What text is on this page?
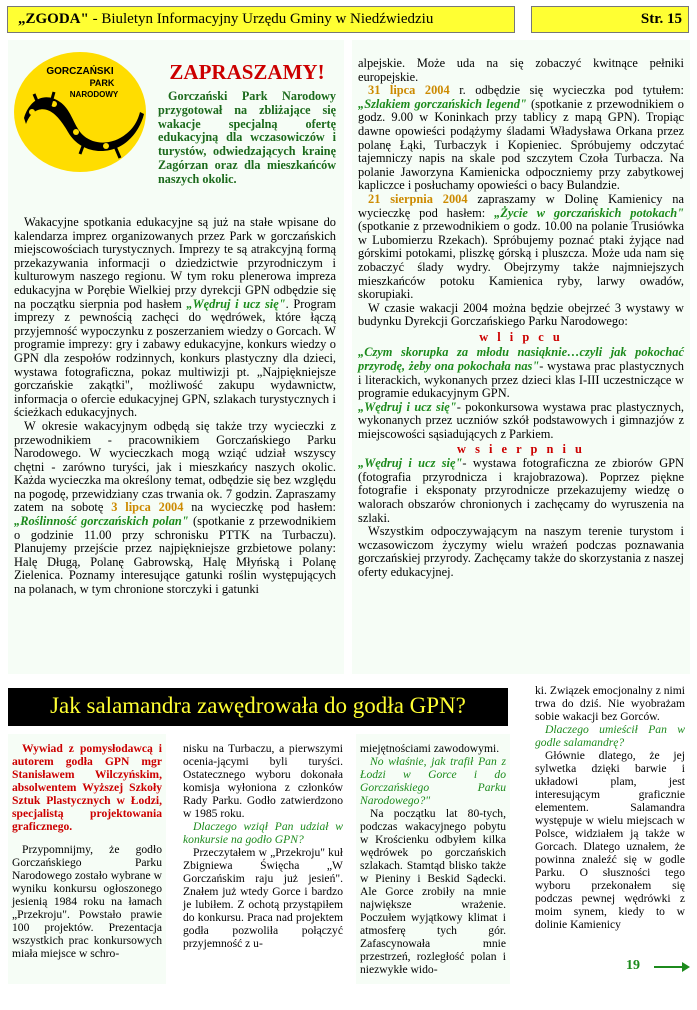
„ZGODA" - Biuletyn Informacyjny Urzędu Gminy w Niedźwiedziu	Str. 15
GORCZAŃSKI
PARK
NARODOWY
ZAPRASZAMY!
Gorczański Park Narodowy przygotował na zbliżające się wakacje specjalną ofertę edukacyjną dla wczasowiczów i turystów, odwiedzających krainę Zagórzan oraz dla mieszkańców naszych okolic.

Wakacyjne spotkania edukacyjne są już na stałe wpisane do kalendarza imprez organizowanych przez Park w gorczańskich miejscowościach turystycznych. Imprezy te są atrakcyjną formą przekazywania informacji o dziedzictwie przyrodniczym i kulturowym naszego regionu. W tym roku plenerowa impreza edukacyjna w Porębie Wielkiej przy dyrekcji GPN odbędzie się na początku sierpnia pod hasłem „Wędruj i ucz się". Program imprezy z pewnością zachęci do wędrówek, które łączą przyjemność wypoczynku z poszerzaniem wiedzy o Gorcach. W programie imprezy: gry i zabawy edukacyjne, konkurs wiedzy o GPN dla zespołów rodzinnych, konkurs plastyczny dla dzieci, wystawa fotograficzna, pokaz multiwizji pt. „Najpiękniejsze gorczańskie zakątki", możliwość zakupu wydawnictw, informacja o ofercie edukacyjnej GPN, szlakach turystycznych i ścieżkach edukacyjnych.

W okresie wakacyjnym odbędą się także trzy wycieczki z przewodnikiem - pracownikiem Gorczańskiego Parku Narodowego. W wycieczkach mogą wziąć udział wszyscy chętni - zarówno turyści, jak i mieszkańcy naszych okolic. Każda wycieczka ma określony temat, odbędzie się bez względu na pogodę, przewidziany czas trwania ok. 7 godzin. Zapraszamy zatem na sobotę 3 lipca 2004 na wycieczkę pod hasłem: „Roślinność gorczańskich polan" (spotkanie z przewodnikiem o godzinie 11.00 przy schronisku PTTK na Turbaczu). Planujemy przejście przez najpiękniejsze grzbietowe polany: Halę Długą, Polanę Gabrowską, Halę Młyńską i Polanę Zielenica. Poznamy interesujące gatunki roślin występujących na polanach, w tym chronione storczyki i gatunki

alpejskie. Może uda na się zobaczyć kwitnące pełniki europejskie.

31 lipca 2004 r. odbędzie się wycieczka pod tytułem: „Szlakiem gorczańskich legend" (spotkanie z przewodnikiem o godz. 9.00 w Koninkach przy tablicy z mapą GPN). Tropiąc dawne opowieści podążymy śladami Władysława Orkana przez polanę Łąki, Turbaczyk i Kopieniec. Spróbujemy odczytać tajemniczy napis na skale pod szczytem Czoła Turbacza. Na polanie Jaworzyna Kamienicka odpoczniemy przy zabytkowej kapliczce i posłuchamy opowieści o bacy Bulandzie.

21 sierpnia 2004 zapraszamy w Dolinę Kamienicy na wycieczkę pod hasłem: „Życie w gorczańskich potokach" (spotkanie z przewodnikiem o godz. 10.00 na polanie Trusiówka w Lubomierzu Rzekach). Spróbujemy poznać ptaki żyjące nad górskimi potokami, pliszkę górską i pluszcza. Może uda nam się zobaczyć ślady wydry. Obejrzymy także najmniejszych mieszkańców potoku Kamienica ryby, larwy owadów, skorupiaki.

W czasie wakacji 2004 można będzie obejrzeć 3 wystawy w budynku Dyrekcji Gorczańskiego Parku Narodowego:

w l i p c u

„Czym skorupka za młodu nasiąknie…czyli jak pokochać przyrodę, żeby ona pokochała nas"- wystawa prac plastycznych i literackich, wykonanych przez dzieci klas I-III uczestniczące w programie edukacyjnym GPN.

„Wędruj i ucz się"- pokonkursowa wystawa prac plastycznych, wykonanych przez uczniów szkół podstawowych i gimnazjów z miejscowości sąsiadujących z Parkiem.

w s i e r p n i u

„Wędruj i ucz się"- wystawa fotograficzna ze zbiorów GPN (fotografia przyrodnicza i krajobrazowa). Poprzez piękne fotografie i eksponaty przyrodnicze przekazujemy wiedzę o walorach obszarów chronionych i zachęcamy do wyruszenia na szlaki.

Wszystkim odpoczywającym na naszym terenie turystom i wczasowiczom życzymy wielu wrażeń podczas poznawania gorczańskiej przyrody. Zachęcamy także do skorzystania z naszej oferty edukacyjnej.

Jak salamandra zawędrowała do godła GPN?

Wywiad z pomysłodawcą i autorem godła GPN mgr Stanisławem Wilczyńskim, absolwentem Wyższej Szkoły Sztuk Plastycznych w Łodzi, specjalistą projektowania graficznego.

Przypomnijmy, że godło Gorczańskiego Parku Narodowego zostało wybrane w wyniku konkursu ogłoszonego jesienią 1984 roku na łamach „Przekroju". Powstało prawie 100 projektów. Prezentacja wszystkich prac konkursowych miała miejsce w schro-

nisku na Turbaczu, a pierwszymi ocenia-jącymi byli turyści. Ostatecznego wyboru dokonała komisja wyłoniona z członków Rady Parku. Godło zatwierdzono w 1985 roku.

Dlaczego wziął Pan udział w konkursie na godło GPN?

Przeczytałem w „Przekroju" kuł Zbigniewa Święcha „W Gorczańskim raju już jesień". Znałem już wtedy Gorce i bardzo je lubiłem. Z ochotą przystąpiłem do konkursu. Praca nad projektem godła pozwoliła połączyć przyjemność z u-

miejętnościami zawodowymi.

No właśnie, jak trafił Pan z Łodzi w Gorce i do Gorczańskiego Parku Narodowego?"

Na początku lat 80-tych, podczas wakacyjnego pobytu w Krościenku odbyłem kilka wędrówek po gorczańskich szlakach. Stamtąd blisko także w Pieniny i Beskid Sądecki. Ale Gorce zrobiły na mnie największe wrażenie. Poczułem wyjątkowy klimat i atmosferę tych gór. Zafascynowała mnie przestrzeń, rozległość polan i niezwykłe wido-

ki. Związek emocjonalny z nimi trwa do dziś. Nie wyobrażam sobie wakacji bez Gorców.

Dlaczego umieścił Pan w godle salamandrę?

Głównie dlatego, że jej sylwetka dzięki barwie i układowi plam, jest interesującym graficznie elementem. Salamandra występuje w wielu miejscach w Polsce, widziałem ją także w Gorcach. Dlatego uznałem, że powinna znaleźć się w godle Parku. O słuszności tego wyboru przekonałem się podczas pewnej wędrówki z moim synem, kiedy to w dolinie Kamienicy

19
